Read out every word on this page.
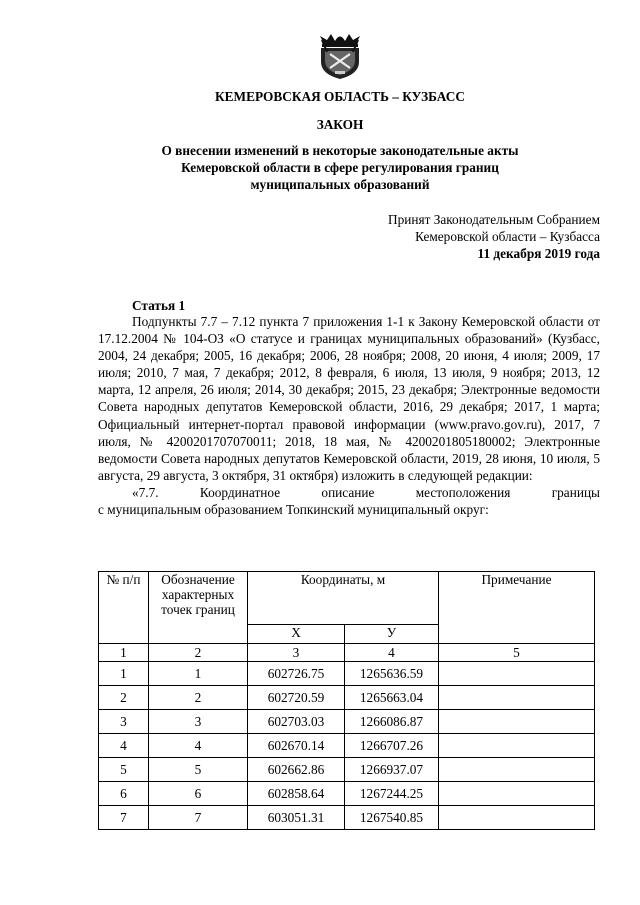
КЕМЕРОВСКАЯ ОБЛАСТЬ – КУЗБАСС
ЗАКОН
О внесении изменений в некоторые законодательные акты Кемеровской области в сфере регулирования границ муниципальных образований
Принят Законодательным Собранием
Кемеровской области – Кузбасса
11 декабря 2019 года
Статья 1

Подпункты 7.7 – 7.12 пункта 7 приложения 1-1 к Закону Кемеровской области от 17.12.2004 № 104-ОЗ «О статусе и границах муниципальных образований» (Кузбасс, 2004, 24 декабря; 2005, 16 декабря; 2006, 28 ноября; 2008, 20 июня, 4 июля; 2009, 17 июля; 2010, 7 мая, 7 декабря; 2012, 8 февраля, 6 июля, 13 июля, 9 ноября; 2013, 12 марта, 12 апреля, 26 июля; 2014, 30 декабря; 2015, 23 декабря; Электронные ведомости Совета народных депутатов Кемеровской области, 2016, 29 декабря; 2017, 1 марта; Официальный интернет-портал правовой информации (www.pravo.gov.ru), 2017, 7 июля, № 4200201707070011; 2018, 18 мая, № 4200201805180002; Электронные ведомости Совета народных депутатов Кемеровской области, 2019, 28 июня, 10 июля, 5 августа, 29 августа, 3 октября, 31 октября) изложить в следующей редакции:

«7.7.	Координатное	описание	местоположения	границы

с муниципальным образованием Топкинский муниципальный округ:

№ п/п	Обозначение характерных точек границ	Координаты, м		Примечание
		X	У	
1	2	3	4	5
1	1	602726.75	1265636.59	
2	2	602720.59	1265663.04	
3	3	602703.03	1266086.87	
4	4	602670.14	1266707.26	
5	5	602662.86	1266937.07	
6	6	602858.64	1267244.25	
7	7	603051.31	1267540.85	
